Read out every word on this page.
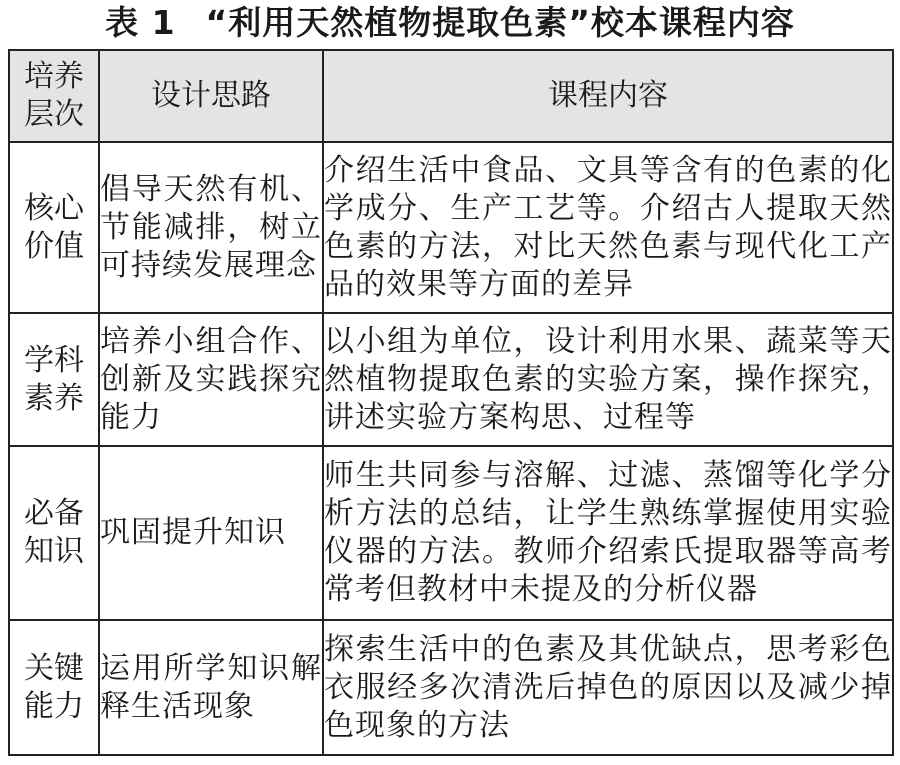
表 1 “利用天然植物提取色素”校本课程内容
培养层次	设计思路	课程内容
核心价值	倡导天然有机、节能减排，树立可持续发展理念	介绍生活中食品、文具等含有的色素的化学成分、生产工艺等。介绍古人提取天然色素的方法，对比天然色素与现代化工产品的效果等方面的差异
学科素养	培养小组合作、创新及实践探究能力	以小组为单位，设计利用水果、蔬菜等天然植物提取色素的实验方案，操作探究，讲述实验方案构思、过程等
必备知识	巩固提升知识	师生共同参与溶解、过滤、蒸馏等化学分析方法的总结，让学生熟练掌握使用实验仪器的方法。教师介绍索氏提取器等高考常考但教材中未提及的分析仪器
关键能力	运用所学知识解释生活现象	探索生活中的色素及其优缺点，思考彩色衣服经多次清洗后掉色的原因以及减少掉色现象的方法
